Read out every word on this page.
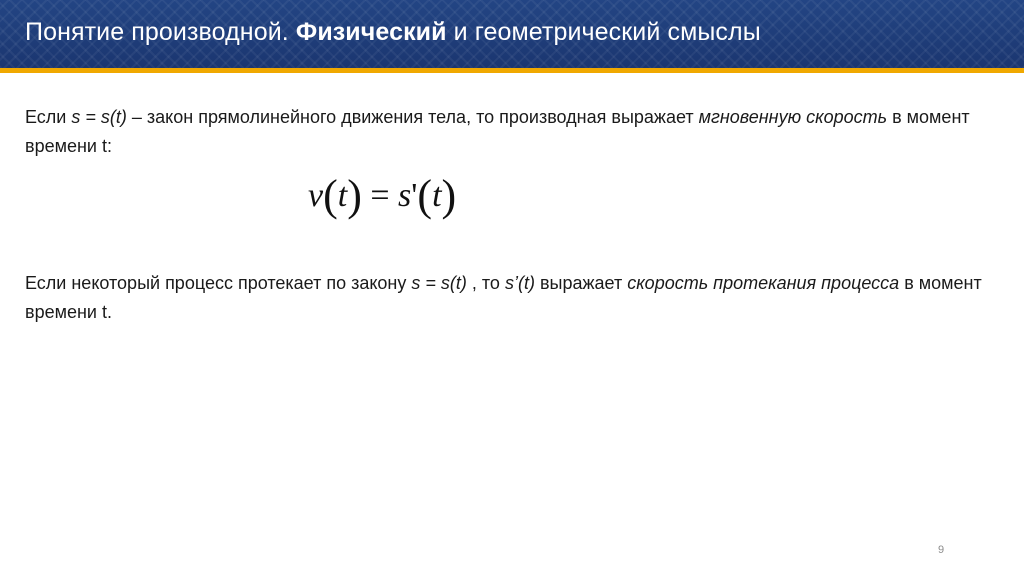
Понятие производной. Физический и геометрический смыслы
Если s = s(t) – закон прямолинейного движения тела, то производная выражает мгновенную скорость в момент времени t:
v(t) = s'(t)
Если некоторый процесс протекает по закону s = s(t) , то s’(t) выражает скорость протекания процесса в момент времени t.
9
